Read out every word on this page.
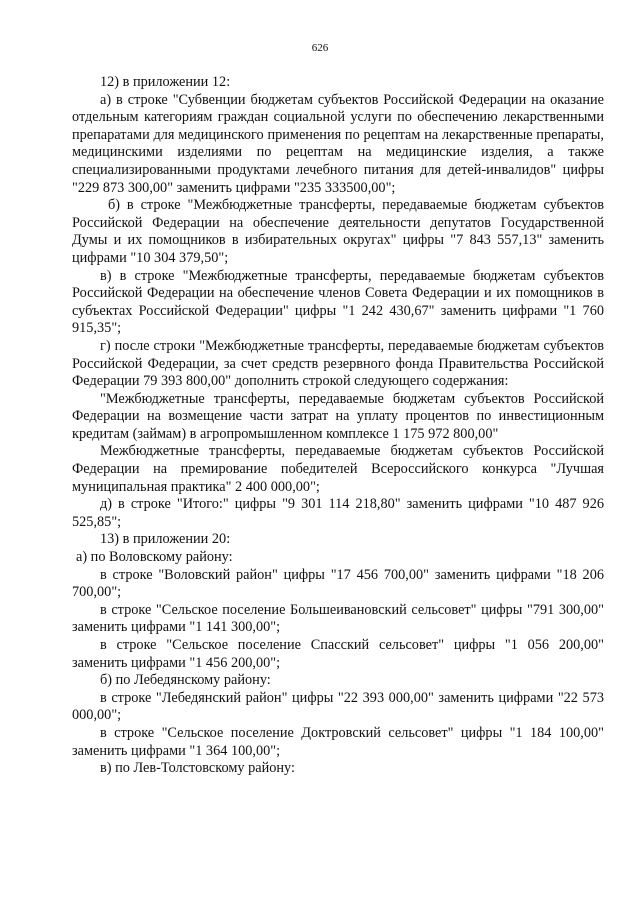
626

12) в приложении 12:

а) в строке "Субвенции бюджетам субъектов Российской Федерации на оказание отдельным категориям граждан социальной услуги по обеспечению лекарственными препаратами для медицинского применения по рецептам на лекарственные препараты, медицинскими изделиями по рецептам на медицинские изделия, а также специализированными продуктами лечебного питания для детей-инвалидов" цифры "229 873 300,00" заменить цифрами "235 333500,00";

б) в строке "Межбюджетные трансферты, передаваемые бюджетам субъектов Российской Федерации на обеспечение деятельности депутатов Государственной Думы и их помощников в избирательных округах" цифры "7 843 557,13" заменить цифрами "10 304 379,50";

в) в строке "Межбюджетные трансферты, передаваемые бюджетам субъектов Российской Федерации на обеспечение членов Совета Федерации и их помощников в субъектах Российской Федерации" цифры "1 242 430,67" заменить цифрами "1 760 915,35";

г) после строки "Межбюджетные трансферты, передаваемые бюджетам субъектов Российской Федерации, за счет средств резервного фонда Правительства Российской Федерации 79 393 800,00" дополнить строкой следующего содержания:

"Межбюджетные трансферты, передаваемые бюджетам субъектов Российской Федерации на возмещение части затрат на уплату процентов по инвестиционным кредитам (займам) в агропромышленном комплексе 1 175 972 800,00"

Межбюджетные трансферты, передаваемые бюджетам субъектов Российской Федерации на премирование победителей Всероссийского конкурса "Лучшая муниципальная практика" 2 400 000,00";

д) в строке "Итого:" цифры "9 301 114 218,80" заменить цифрами "10 487 926 525,85";

13) в приложении 20:

а) по Воловскому району:

в строке "Воловский район" цифры "17 456 700,00" заменить цифрами "18 206 700,00";

в строке "Сельское поселение Большеивановский сельсовет" цифры "791 300,00" заменить цифрами "1 141 300,00";

в строке "Сельское поселение Спасский сельсовет" цифры "1 056 200,00" заменить цифрами "1 456 200,00";

б) по Лебедянскому району:

в строке "Лебедянский район" цифры "22 393 000,00" заменить цифрами "22 573 000,00";

в строке "Сельское поселение Доктровский сельсовет" цифры "1 184 100,00" заменить цифрами "1 364 100,00";

в) по Лев-Толстовскому району:
